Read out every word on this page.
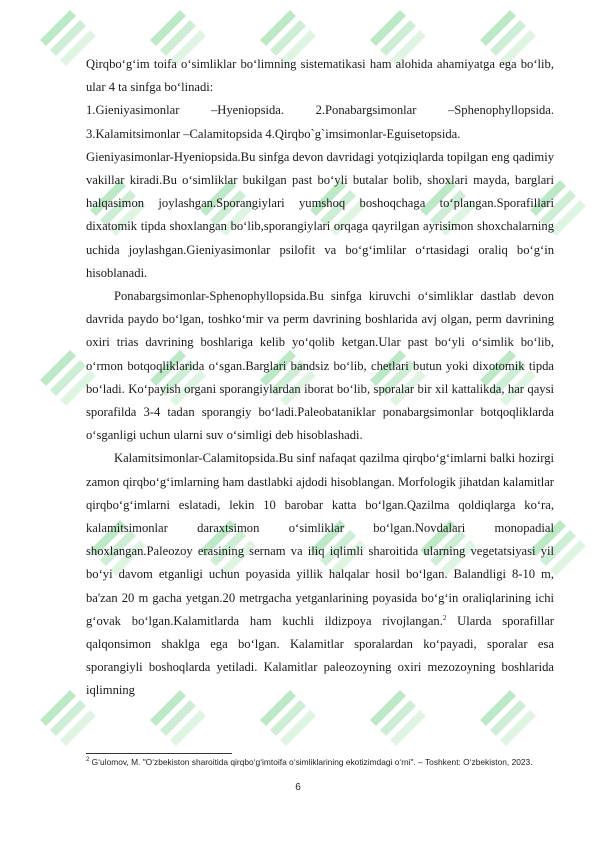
Qirqbo‘g‘im toifa o‘simliklar bo‘limning sistematikasi ham alohida ahamiyatga ega bo‘lib, ular 4 ta sinfga bo‘linadi:

1.Gieniyasimonlar	–Hyeniopsida.	2.Ponabargsimonlar	–Sphenophyllopsida.

3.Kalamitsimonlar –Calamitopsida 4.Qirqbo`g`imsimonlar-Eguisetopsida.

Gieniyasimonlar-Hyeniopsida.Bu sinfga devon davridagi yotqiziqlarda topilgan eng qadimiy vakillar kiradi.Bu o‘simliklar bukilgan past bo‘yli butalar bolib, shoxlari mayda, barglari halqasimon joylashgan.Sporangiylari yumshoq boshoqchaga to‘plangan.Sporafillari dixatomik tipda shoxlangan bo‘lib,sporangiylari orqaga qayrilgan ayrisimon shoxchalarning uchida joylashgan.Gieniyasimonlar psilofit va bo‘g‘imlilar o‘rtasidagi oraliq bo‘g‘in hisoblanadi.

Ponabargsimonlar-Sphenophyllopsida.Bu sinfga kiruvchi o‘simliklar dastlab devon davrida paydo bo‘lgan, toshko‘mir va perm davrining boshlarida avj olgan, perm davrining oxiri trias davrining boshlariga kelib yo‘qolib ketgan.Ular past bo‘yli o‘simlik bo‘lib, o‘rmon botqoqliklarida o‘sgan.Barglari bandsiz bo‘lib, chetlari butun yoki dixotomik tipda bo‘ladi. Ko‘payish organi sporangiylardan iborat bo‘lib, sporalar bir xil kattalikda, har qaysi sporafilda 3-4 tadan sporangiy bo‘ladi.Paleobataniklar ponabargsimonlar botqoqliklarda o‘sganligi uchun ularni suv o‘simligi deb hisoblashadi.

Kalamitsimonlar-Calamitopsida.Bu sinf nafaqat qazilma qirqbo‘g‘imlarni balki hozirgi zamon qirqbo‘g‘imlarning ham dastlabki ajdodi hisoblangan. Morfologik jihatdan kalamitlar qirqbo‘g‘imlarni eslatadi, lekin 10 barobar katta bo‘lgan.Qazilma qoldiqlarga ko‘ra, kalamitsimonlar daraxtsimon o‘simliklar bo‘lgan.Novdalari monopadial shoxlangan.Paleozoy erasining sernam va iliq iqlimli sharoitida ularning vegetatsiyasi yil bo‘yi davom etganligi uchun poyasida yillik halqalar hosil bo‘lgan. Balandligi 8-10 m, ba'zan 20 m gacha yetgan.20 metrgacha yetganlarining poyasida bo‘g‘in oraliqlarining ichi g‘ovak bo‘lgan.Kalamitlarda ham kuchli ildizpoya rivojlangan.$^2$ Ularda sporafillar qalqonsimon shaklga ega bo‘lgan. Kalamitlar sporalardan ko‘payadi, sporalar esa sporangiyli boshoqlarda yetiladi. Kalamitlar paleozoyning oxiri mezozoyning boshlarida iqlimning

$^2$ G‘ulomov, M. "O‘zbekiston sharoitida qirqbo‘g‘imtoifa o‘simliklarining ekotizimdagi o‘rni". – Toshkent: O‘zbekiston, 2023.
6
